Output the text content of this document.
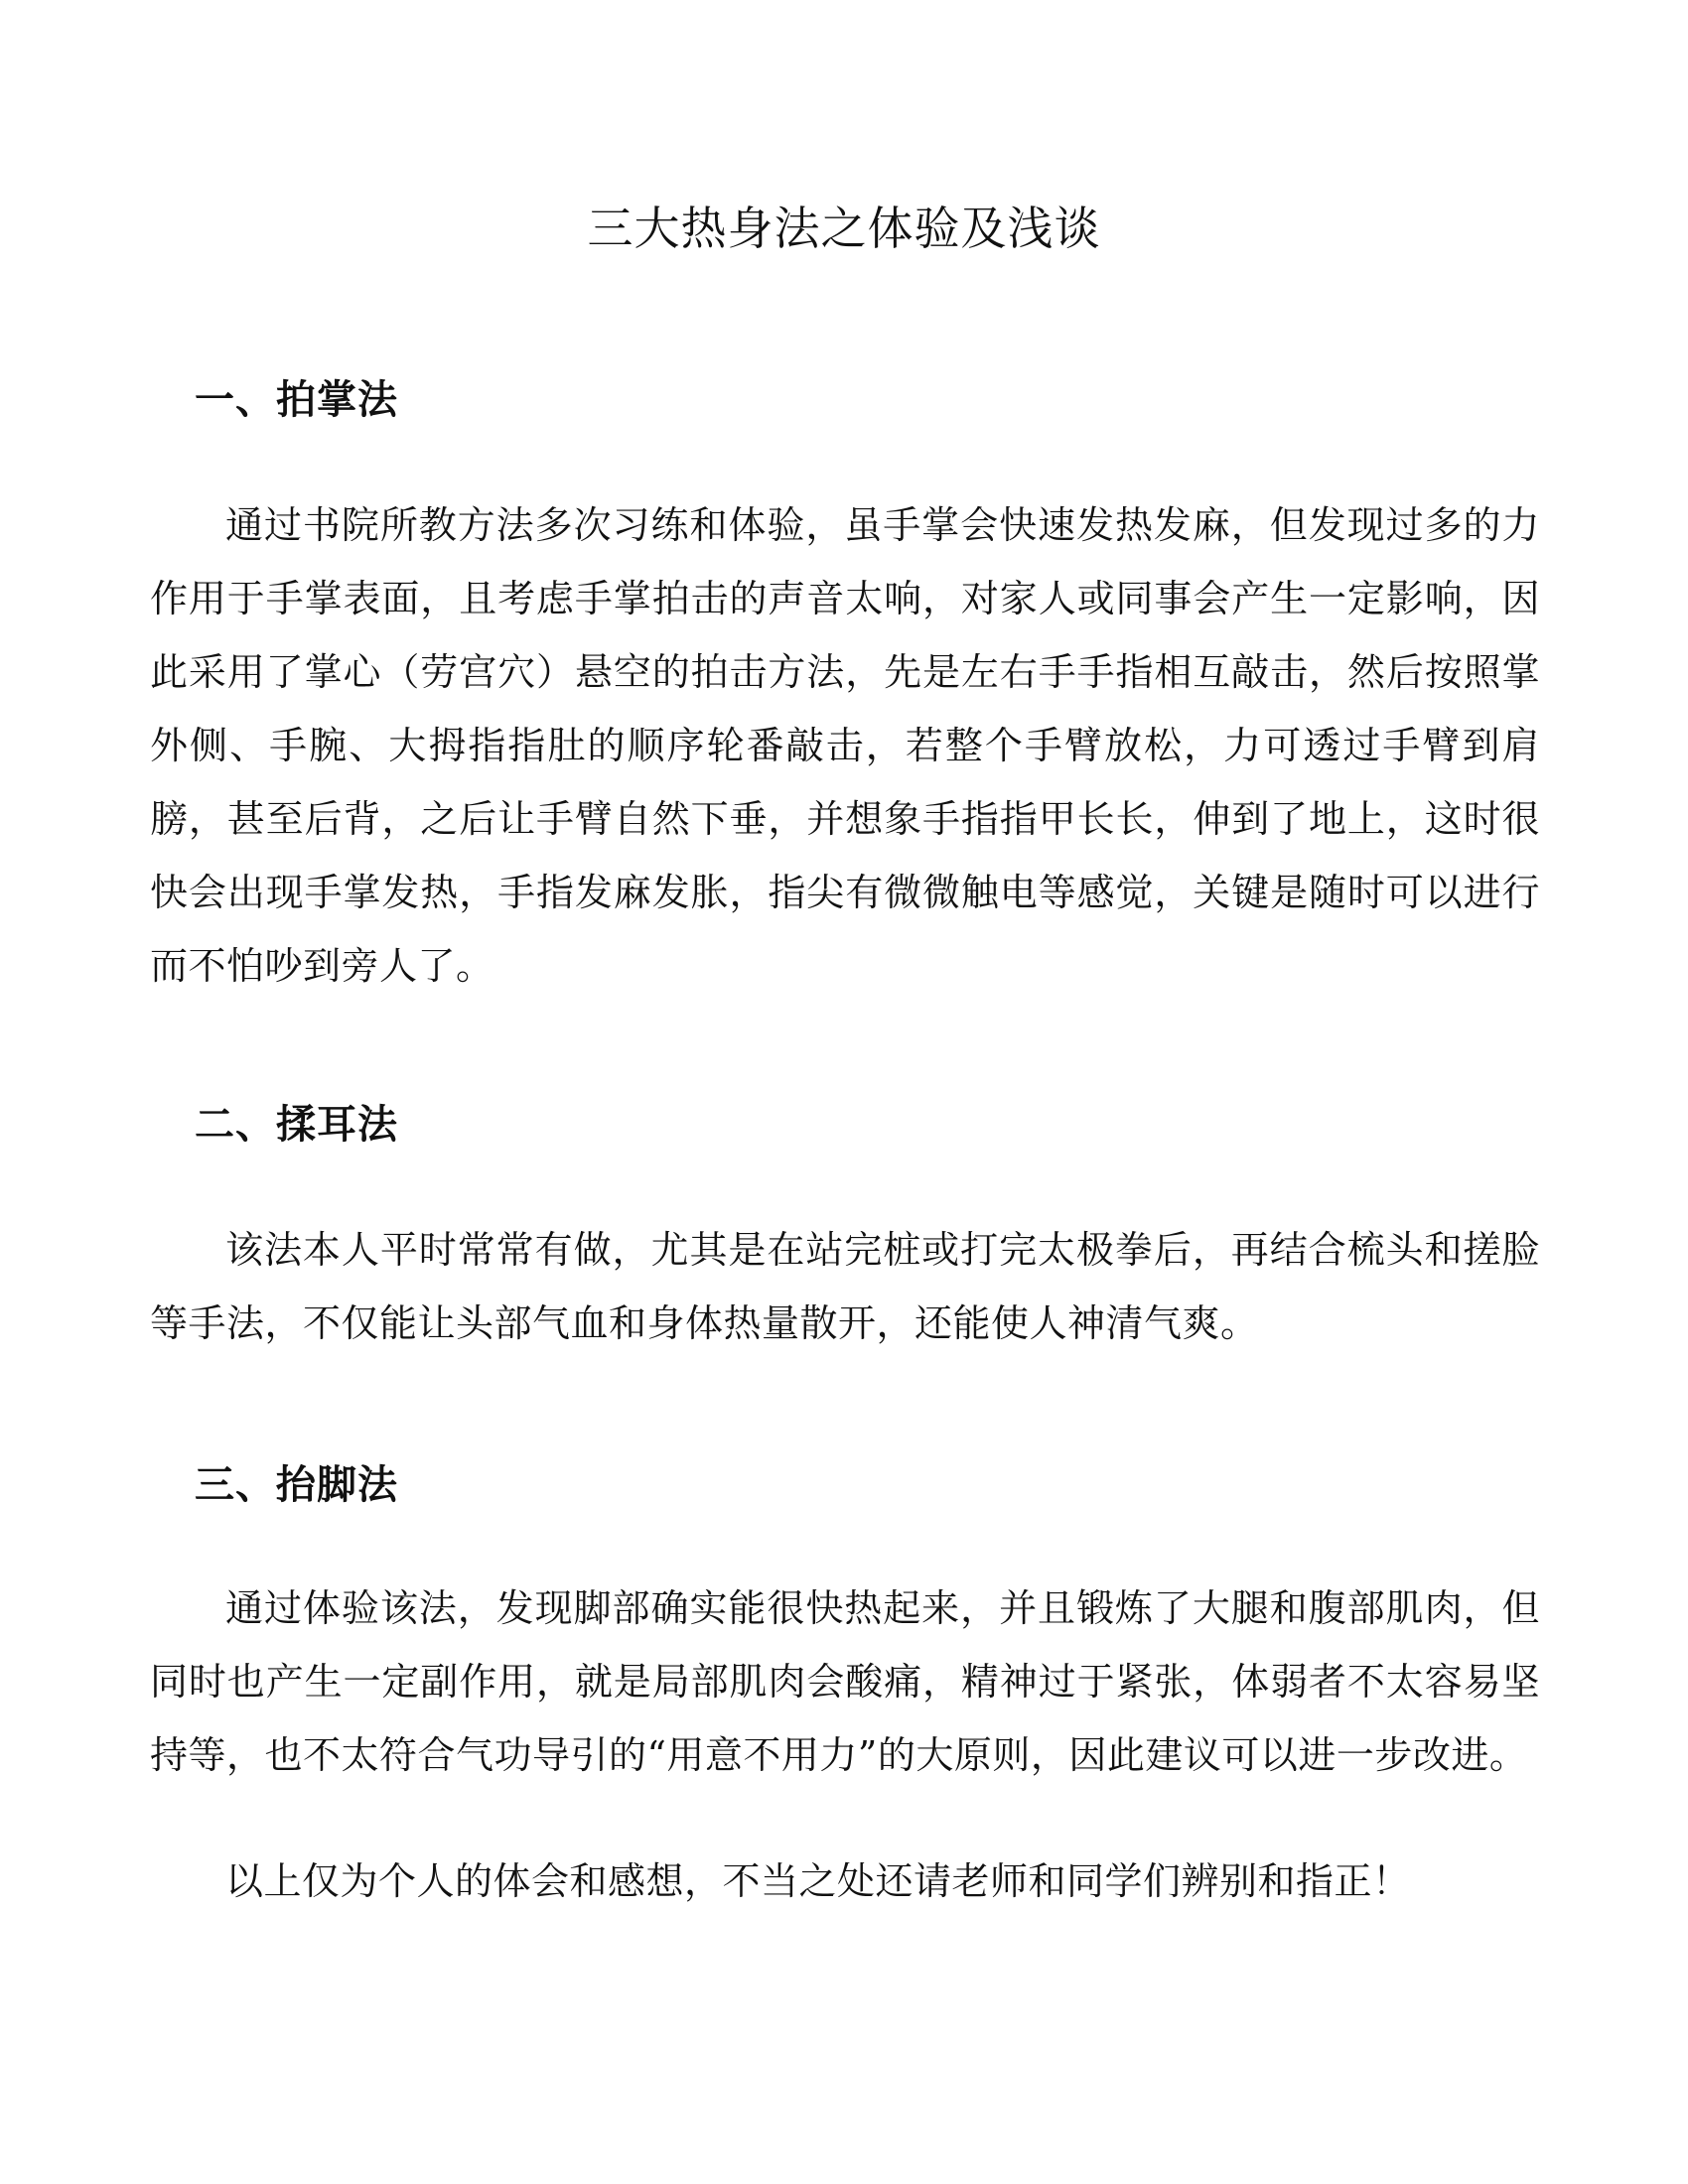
三大热身法之体验及浅谈
一、拍掌法

通过书院所教方法多次习练和体验，虽手掌会快速发热发麻，但发现过多的力作用于手掌表面，且考虑手掌拍击的声音太响，对家人或同事会产生一定影响，因此采用了掌心（劳宫穴）悬空的拍击方法，先是左右手手指相互敲击，然后按照掌外侧、手腕、大拇指指肚的顺序轮番敲击，若整个手臂放松，力可透过手臂到肩膀，甚至后背，之后让手臂自然下垂，并想象手指指甲长长，伸到了地上，这时很快会出现手掌发热，手指发麻发胀，指尖有微微触电等感觉，关键是随时可以进行而不怕吵到旁人了。

二、揉耳法

该法本人平时常常有做，尤其是在站完桩或打完太极拳后，再结合梳头和搓脸等手法，不仅能让头部气血和身体热量散开，还能使人神清气爽。

三、抬脚法

通过体验该法，发现脚部确实能很快热起来，并且锻炼了大腿和腹部肌肉，但同时也产生一定副作用，就是局部肌肉会酸痛，精神过于紧张，体弱者不太容易坚持等，也不太符合气功导引的“用意不用力”的大原则，因此建议可以进一步改进。

以上仅为个人的体会和感想，不当之处还请老师和同学们辨别和指正！
